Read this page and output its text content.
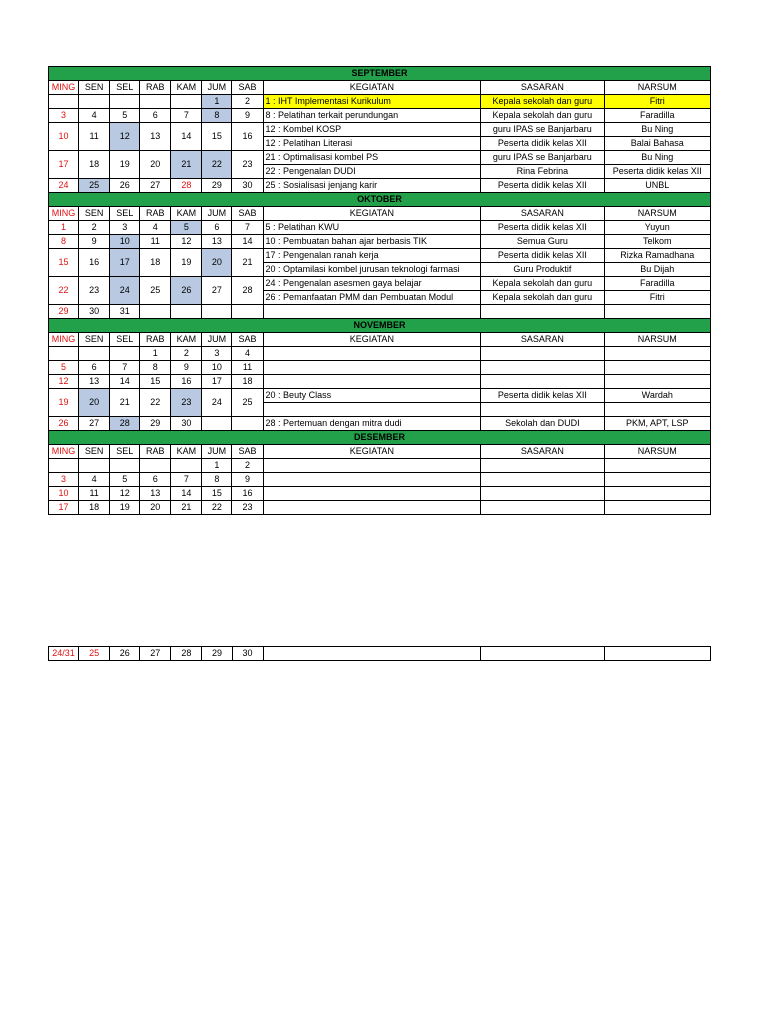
SEPTEMBER									
MING	SEN	SEL	RAB	KAM	JUM	SAB	KEGIATAN	SASARAN	NARSUM
					1	2	1 : IHT Implementasi Kurikulum	Kepala sekolah dan guru	Fitri
3	4	5	6	7	8	9	8 : Pelatihan terkait perundungan	Kepala sekolah dan guru	Faradilla
10	11	12	13	14	15	16	12 : Kombel KOSP	guru IPAS se Banjarbaru	Bu Ning
							12 : Pelatihan Literasi	Peserta didik kelas XII	Balai Bahasa
17	18	19	20	21	22	23	21 : Optimalisasi kombel PS	guru IPAS se Banjarbaru	Bu Ning
							22 : Pengenalan DUDI	Rina Febrina	Peserta didik kelas XII
24	25	26	27	28	29	30	25 : Sosialisasi jenjang karir	Peserta didik kelas XII	UNBL
OKTOBER									
MING	SEN	SEL	RAB	KAM	JUM	SAB	KEGIATAN	SASARAN	NARSUM
1	2	3	4	5	6	7	5 : Pelatihan KWU	Peserta didik kelas XII	Yuyun
8	9	10	11	12	13	14	10 : Pembuatan bahan ajar berbasis TIK	Semua Guru	Telkom
15	16	17	18	19	20	21	17 : Pengenalan ranah kerja	Peserta didik kelas XII	Rizka Ramadhana
							20 : Optamilasi kombel jurusan teknologi farmasi	Guru Produktif	Bu Dijah
22	23	24	25	26	27	28	24 : Pengenalan asesmen gaya belajar	Kepala sekolah dan guru	Faradilla
							26 : Pemanfaatan PMM dan Pembuatan Modul	Kepala sekolah dan guru	Fitri
29	30	31							
NOVEMBER									
MING	SEN	SEL	RAB	KAM	JUM	SAB	KEGIATAN	SASARAN	NARSUM
			1	2	3	4			
5	6	7	8	9	10	11			
12	13	14	15	16	17	18			
19	20	21	22	23	24	25	20 : Beuty Class	Peserta didik kelas XII	Wardah

26	27	28	29	30			28 : Pertemuan dengan mitra dudi	Sekolah dan DUDI	PKM, APT, LSP
DESEMBER									
MING	SEN	SEL	RAB	KAM	JUM	SAB	KEGIATAN	SASARAN	NARSUM
					1	2			
3	4	5	6	7	8	9			
10	11	12	13	14	15	16			
17	18	19	20	21	22	23			
24/31	25	26	27	28	29	30			
